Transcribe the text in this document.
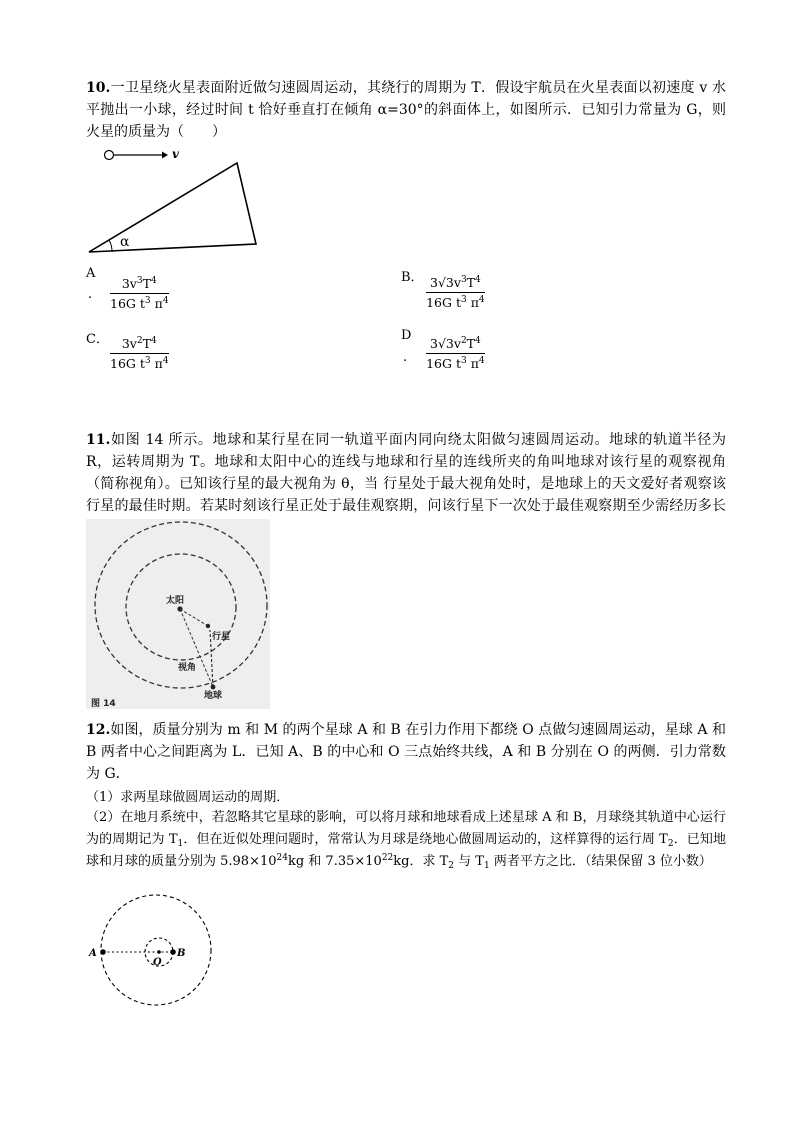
10.一卫星绕火星表面附近做匀速圆周运动，其绕行的周期为 T．假设宇航员在火星表面以初速度 v 水平抛出一小球，经过时间 t 恰好垂直打在倾角 α=30°的斜面体上，如图所示．已知引力常量为 G，则火星的质量为（　　）
v
α
A
.
$3v^3T^4$
16G $t^3$ $\pi^4$
B． $3√3v^3T^4$
16G $t^3$ $\pi^4$
C．	$3v^2T^4$
16G $t^3$ $\pi^4$
D
.
$3√3v^2T^4$
16G $t^3$ $\pi^4$
11.如图 14 所示。地球和某行星在同一轨道平面内同向绕太阳做匀速圆周运动。地球的轨道半径为 R，运转周期为 T。地球和太阳中心的连线与地球和行星的连线所夹的角叫地球对该行星的观察视角（简称视角）。已知该行星的最大视角为 θ，当 行星处于最大视角处时，是地球上的天文爱好者观察该行星的最佳时期。若某时刻该行星正处于最佳观察期，问该行星下一次处于最佳观察期至少需经历多长
太阳
行星
视角
地球
图 14
12.如图，质量分别为 m 和 M 的两个星球 A 和 B 在引力作用下都绕 O 点做匀速圆周运动，星球 A 和 B 两者中心之间距离为 L．已知 A、B 的中心和 O 三点始终共线，A 和 B 分别在 O 的两侧．引力常数为 G．
（1）求两星球做圆周运动的周期．
（2）在地月系统中，若忽略其它星球的影响，可以将月球和地球看成上述星球 A 和 B，月球绕其轨道中心运行为的周期记为 $T_1$．但在近似处理问题时，常常认为月球是绕地心做圆周运动的，这样算得的运行周 $T_2$．已知地球和月球的质量分别为 $5.98\times 10^{24}kg$ 和 $7.35\times 10^{22}kg$．求 $T_2$ 与 $T_1$ 两者平方之比．（结果保留 3 位小数）
A
O
B
